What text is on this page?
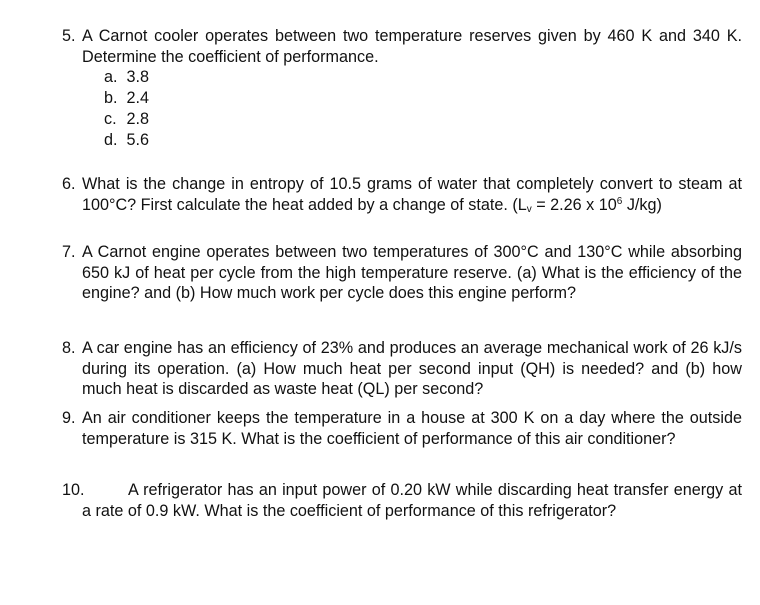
5. A Carnot cooler operates between two temperature reserves given by 460 K and 340 K. Determine the coefficient of performance.
a. 3.8
b. 2.4
c. 2.8
d. 5.6
6. What is the change in entropy of 10.5 grams of water that completely convert to steam at 100°C? First calculate the heat added by a change of state. ($L_v = 2.26$ x $10^6$ J/kg)
7. A Carnot engine operates between two temperatures of 300°C and 130°C while absorbing 650 kJ of heat per cycle from the high temperature reserve. (a) What is the efficiency of the engine? and (b) How much work per cycle does this engine perform?
8. A car engine has an efficiency of 23% and produces an average mechanical work of 26 kJ/s during its operation. (a) How much heat per second input (QH) is needed? and (b) how much heat is discarded as waste heat (QL) per second?
9. An air conditioner keeps the temperature in a house at 300 K on a day where the outside temperature is 315 K. What is the coefficient of performance of this air conditioner?
10.	A refrigerator has an input power of 0.20 kW while discarding heat transfer energy at a rate of 0.9 kW. What is the coefficient of performance of this refrigerator?
